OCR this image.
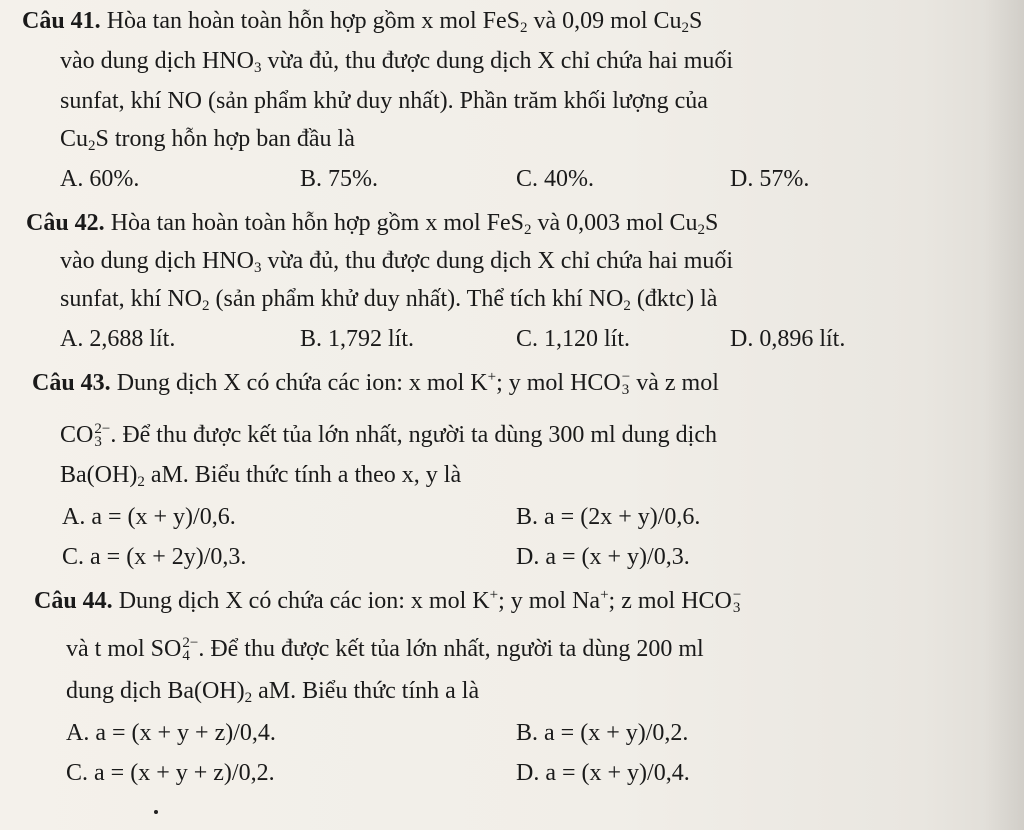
Câu 41. Hòa tan hoàn toàn hỗn hợp gồm x mol FeS$_2$ và 0,09 mol $Cu_2S$
vào dung dịch $HNO_3$ vừa đủ, thu được dung dịch X chỉ chứa hai muối
sunfat, khí NO (sản phẩm khử duy nhất). Phần trăm khối lượng của
$Cu_2S$ trong hỗn hợp ban đầu là
A. 60%.	B. 75%.	C. 40%.	D. 57%.
Câu 42. Hòa tan hoàn toàn hỗn hợp gồm x mol FeS$_2$ và 0,003 mol $Cu_2S$
vào dung dịch $HNO_3$ vừa đủ, thu được dung dịch X chỉ chứa hai muối
sunfat, khí $NO_2$ (sản phẩm khử duy nhất). Thể tích khí $NO_2$ (đktc) là
A. 2,688 lít.	B. 1,792 lít.	C. 1,120 lít.	D. 0,896 lít.
Câu 43. Dung dịch X có chứa các ion: x mol K+; y mol HCO −
3 và z mol
CO 2−
3 . Để thu được kết tủa lớn nhất, người ta dùng 300 ml dung dịch
$Ba(OH)_2$ aM. Biểu thức tính a theo x, y là
A. a = (x + y)/0,6.	B. a = (2x + y)/0,6.
C. a = (x + 2y)/0,3.	D. a = (x + y)/0,3.
Câu 44. Dung dịch X có chứa các ion: x mol K+; y mol Na+; z mol HCO −
3
và t mol SO 2−
4 . Để thu được kết tủa lớn nhất, người ta dùng 200 ml
dung dịch $Ba(OH)_2$ aM. Biểu thức tính a là
A. a = (x + y + z)/0,4.	B. a = (x + y)/0,2.
C. a = (x + y + z)/0,2.	D. a = (x + y)/0,4.
